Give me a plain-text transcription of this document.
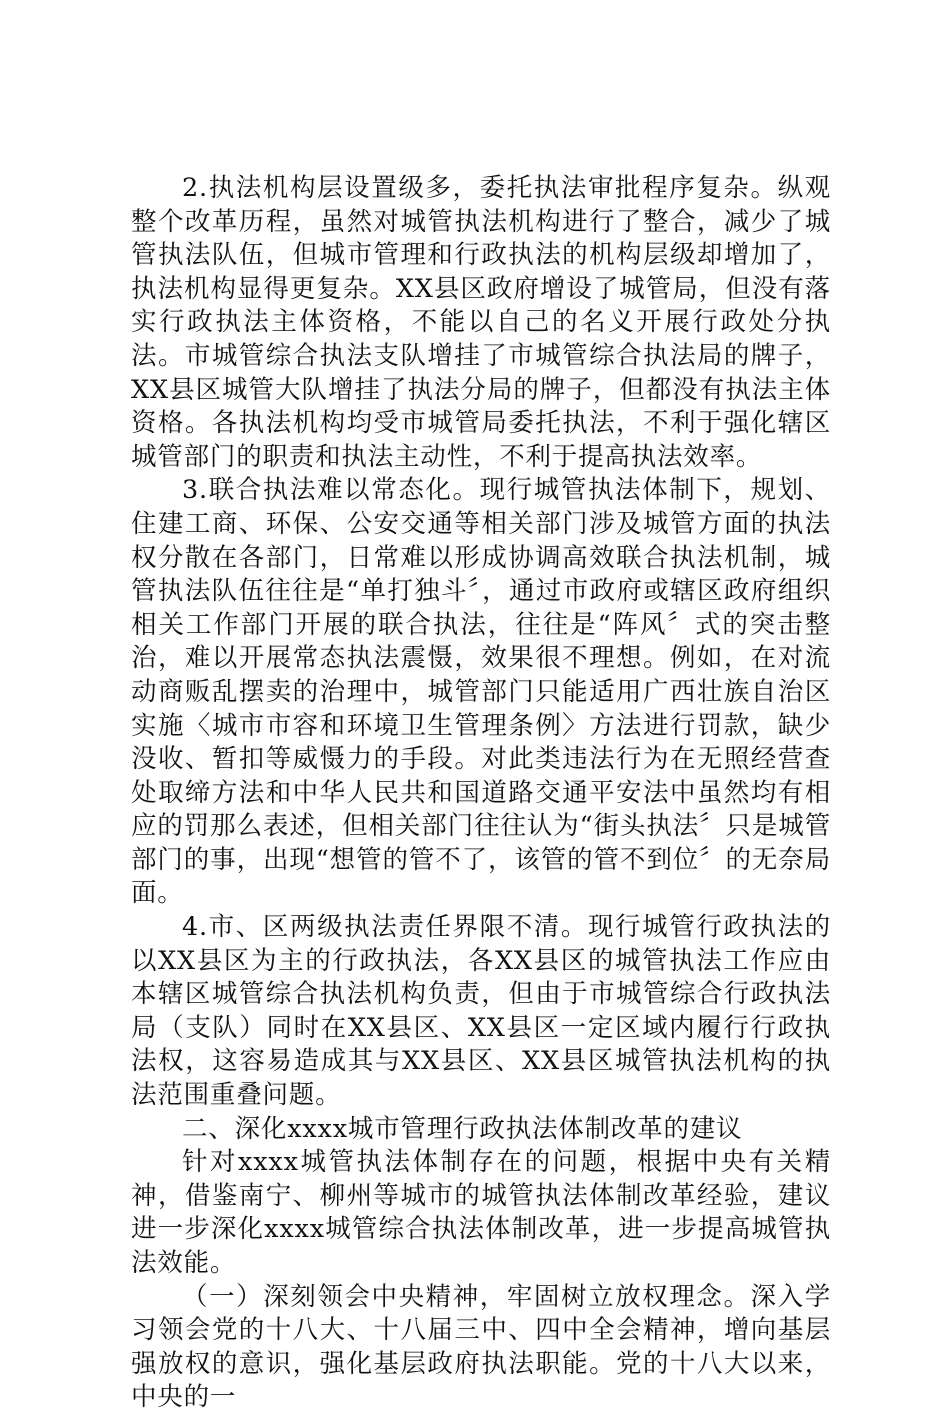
2.执法机构层设置级多，委托执法审批程序复杂。纵观整个改革历程，虽然对城管执法机构进行了整合，减少了城管执法队伍，但城市管理和行政执法的机构层级却增加了，执法机构显得更复杂。XX县区政府增设了城管局，但没有落实行政执法主体资格，不能以自己的名义开展行政处分执法。市城管综合执法支队增挂了市城管综合执法局的牌子，XX县区城管大队增挂了执法分局的牌子，但都没有执法主体资格。各执法机构均受市城管局委托执法，不利于强化辖区城管部门的职责和执法主动性，不利于提高执法效率。

3.联合执法难以常态化。现行城管执法体制下，规划、住建工商、环保、公安交通等相关部门涉及城管方面的执法权分散在各部门，日常难以形成协调高效联合执法机制，城管执法队伍往往是“单打独斗〞，通过市政府或辖区政府组织相关工作部门开展的联合执法，往往是“阵风〞式的突击整治，难以开展常态执法震慑，效果很不理想。例如，在对流动商贩乱摆卖的治理中，城管部门只能适用广西壮族自治区实施〈城市市容和环境卫生管理条例〉方法进行罚款，缺少没收、暂扣等威慑力的手段。对此类违法行为在无照经营查处取缔方法和中华人民共和国道路交通平安法中虽然均有相应的罚那么表述，但相关部门往往认为“街头执法〞只是城管部门的事，出现“想管的管不了，该管的管不到位〞的无奈局面。

4.市、区两级执法责任界限不清。现行城管行政执法的以XX县区为主的行政执法，各XX县区的城管执法工作应由本辖区城管综合执法机构负责，但由于市城管综合行政执法局（支队）同时在XX县区、XX县区一定区域内履行行政执法权，这容易造成其与XX县区、XX县区城管执法机构的执法范围重叠问题。

二、深化xxxx城市管理行政执法体制改革的建议

针对xxxx城管执法体制存在的问题，根据中央有关精神，借鉴南宁、柳州等城市的城管执法体制改革经验，建议进一步深化xxxx城管综合执法体制改革，进一步提高城管执法效能。

（一）深刻领会中央精神，牢固树立放权理念。深入学习领会党的十八大、十八届三中、四中全会精神，增向基层强放权的意识，强化基层政府执法职能。党的十八大以来，中央的一
